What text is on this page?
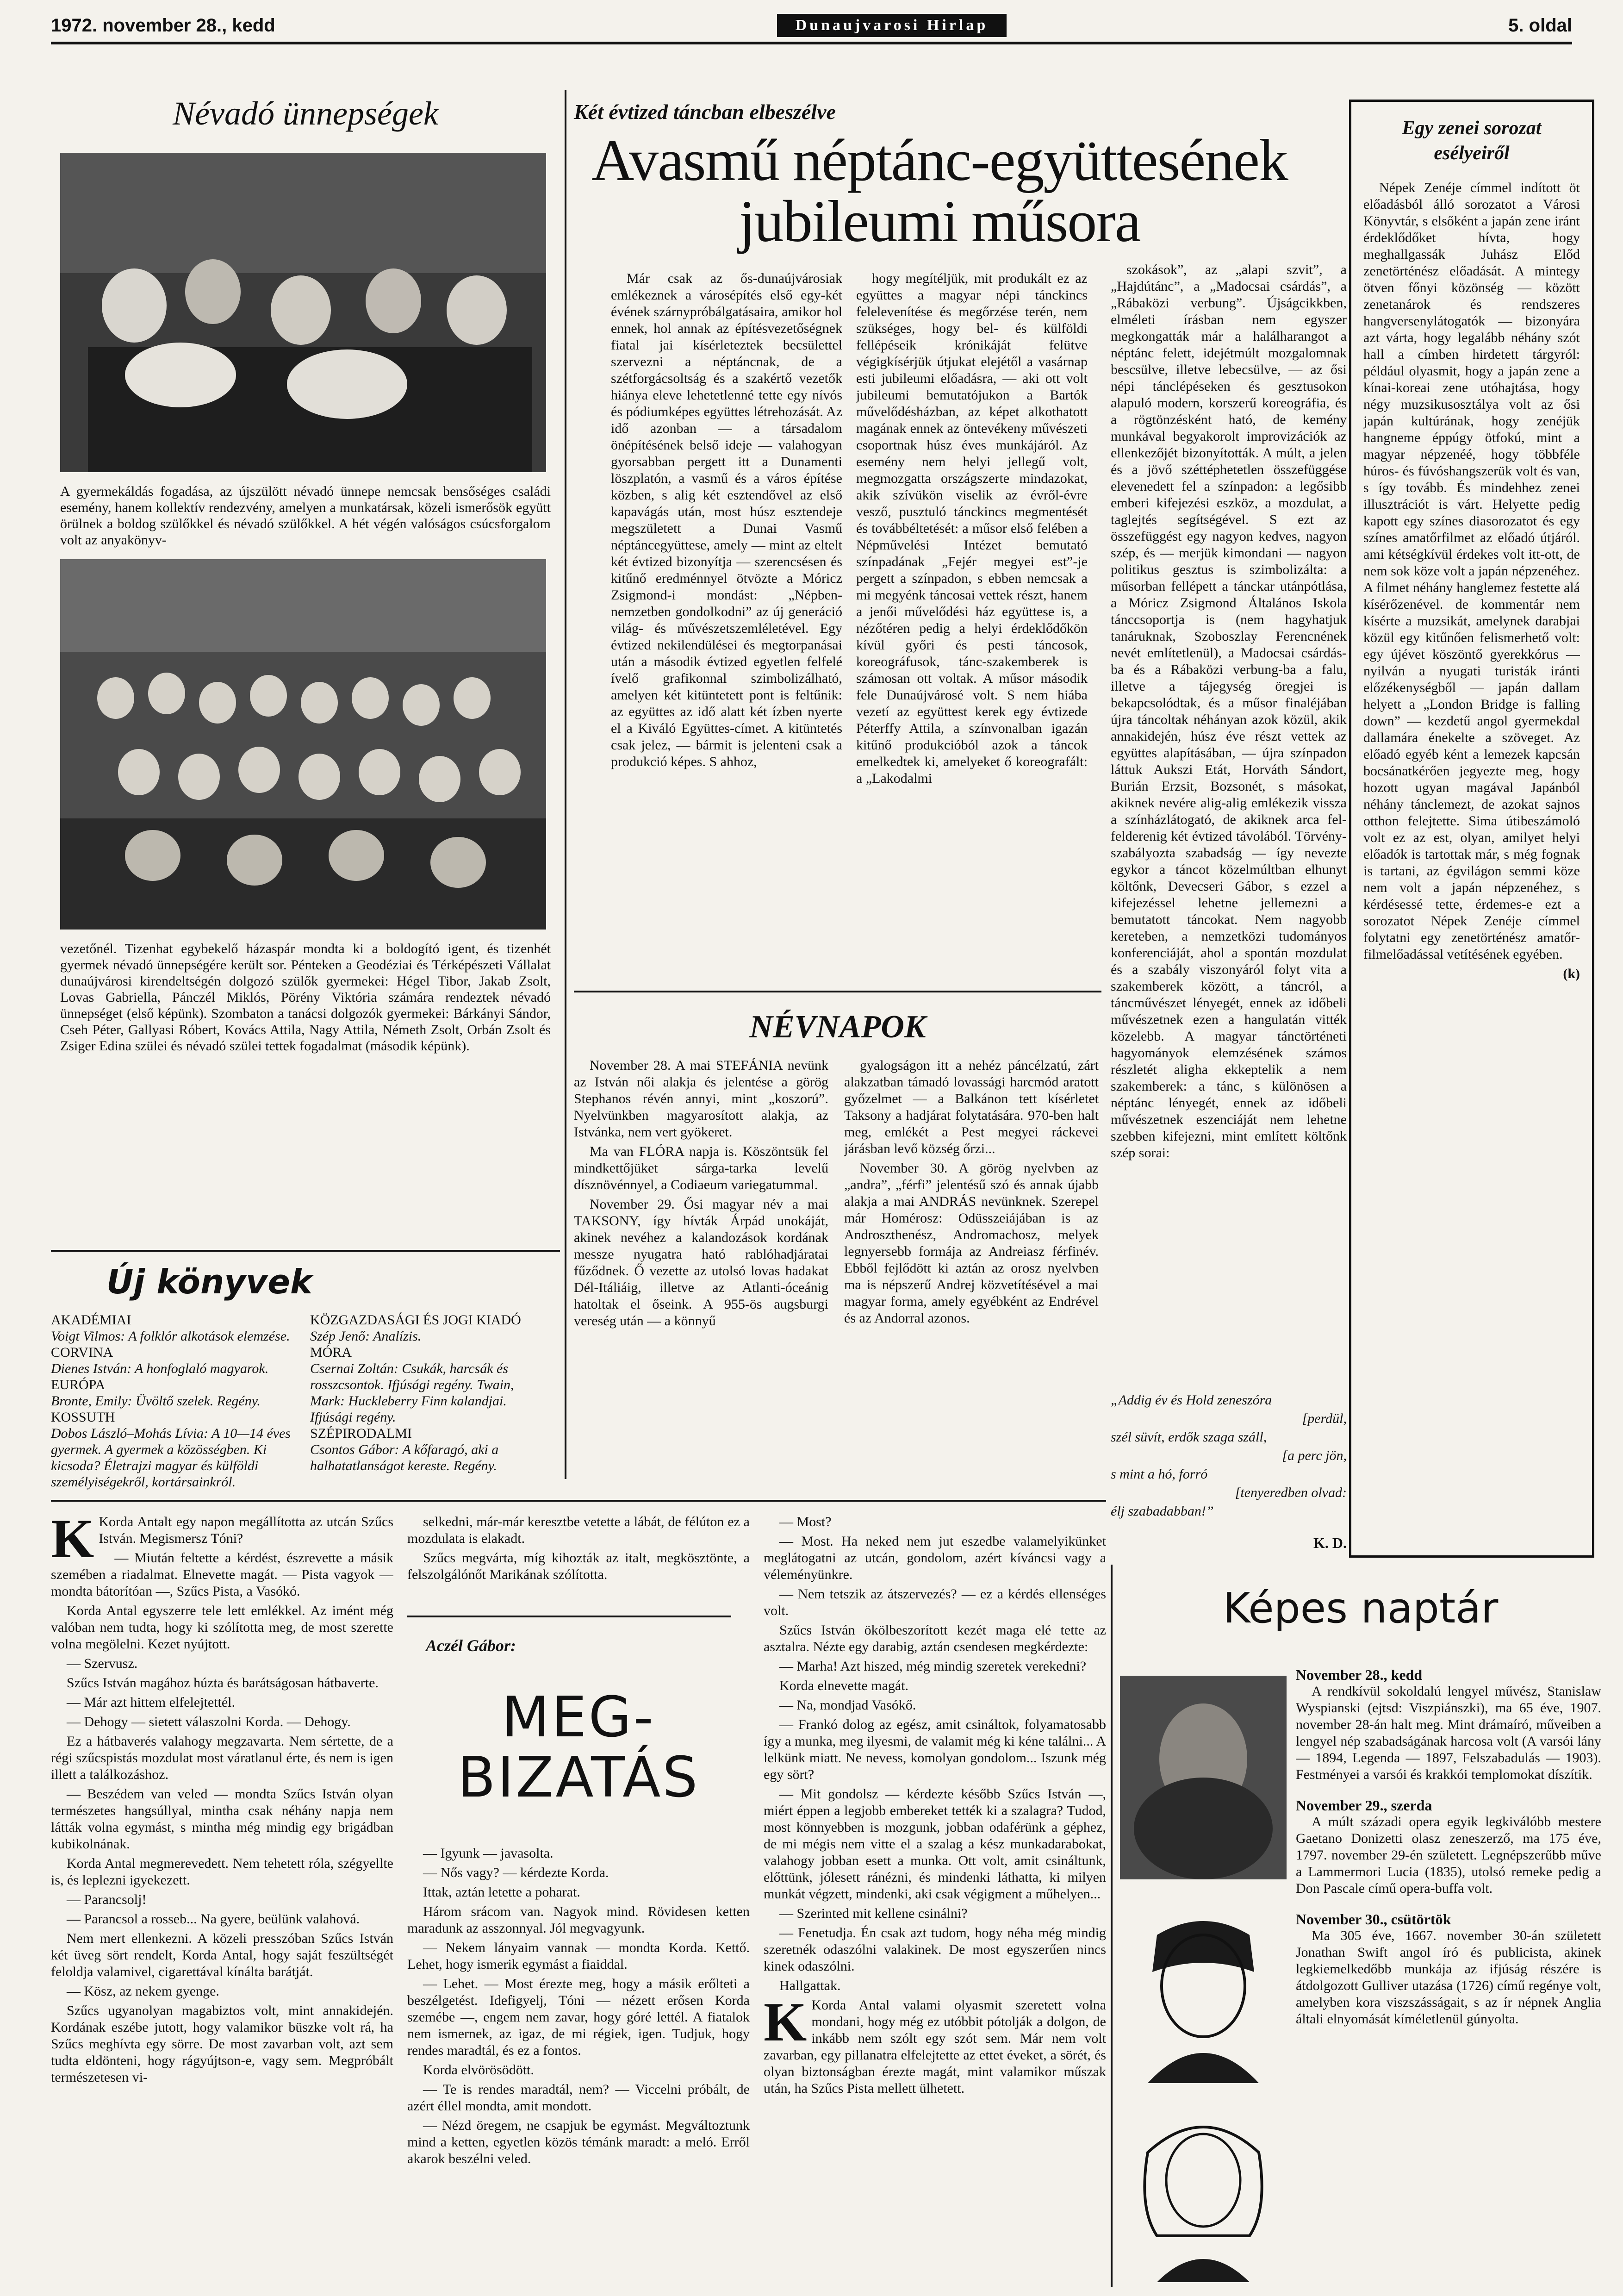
1972. november 28., kedd	Dunaujvarosi Hirlap	5. oldal
Névadó ünnepségek
A gyermekáldás fogadása, az újszülött névadó ünnepe nemcsak bensőséges családi esemény, hanem kollektív rendezvény, amelyen a munkatársak, közeli ismerősök együtt örülnek a boldog szülőkkel és névadó szülőkkel. A hét végén valóságos csúcsforgalom volt az anyakönyv-
vezetőnél. Tizenhat egybekelő házaspár mondta ki a boldogító igent, és tizenhét gyermek névadó ünnepségére került sor. Pénteken a Geodéziai és Térképészeti Vállalat dunaújvárosi kirendeltségén dolgozó szülők gyermekei: Hégel Tibor, Jakab Zsolt, Lovas Gabriella, Pánczél Miklós, Pörény Viktória számára rendeztek névadó ünnepséget (első képünk). Szombaton a tanácsi dolgozók gyermekei: Bárkányi Sándor, Cseh Péter, Gallyasi Róbert, Kovács Attila, Nagy Attila, Németh Zsolt, Orbán Zsolt és Zsiger Edina szülei és névadó szülei tettek fogadalmat (második képünk).
Új könyvek
AKADÉMIAI
Voigt Vilmos: A folklór alkotások elemzése.
CORVINA
Dienes István: A honfoglaló magyarok.
EURÓPA
Bronte, Emily: Üvöltő szelek. Regény.
KOSSUTH
Dobos László–Mohás Lívia: A 10—14 éves gyermek. A gyermek a közösségben. Ki kicsoda? Életrajzi magyar és külföldi személyiségekről, kortársainkról.
KÖZGAZDASÁGI ÉS JOGI KIADÓ
Szép Jenő: Analízis.
MÓRA
Csernai Zoltán: Csukák, harcsák és rosszcsontok. Ifjúsági regény. Twain, Mark: Huckleberry Finn kalandjai. Ifjúsági regény.
SZÉPIRODALMI
Csontos Gábor: A kőfaragó, aki a halhatatlanságot kereste. Regény.
Két évtized táncban elbeszélve
Avasmű néptánc-együttesének jubileumi műsora

Már csak az ős-dunaújvárosiak emlékeznek a városépítés első egy-két évének szárnypróbálgatásaira, amikor hol ennek, hol annak az építésvezetőségnek fiatal jai kísérleteztek becsülettel szervezni a néptáncnak, de a szétforgácsoltság és a szakértő vezetők hiánya eleve lehetetlenné tette egy nívós és pódiumképes együttes létrehozását. Az idő azonban — a társadalom önépítésének belső ideje — valahogyan gyorsabban pergett itt a Dunamenti löszplatón, a vasmű és a város építése közben, s alig két esztendővel az első kapavágás után, most húsz esztendeje megszületett a Dunai Vasmű néptáncegyüttese, amely — mint az eltelt két évtized bizonyítja — szerencsésen és kitűnő eredménnyel ötvözte a Móricz Zsigmond-i mondást: „Népben-nemzetben gondolkodni” az új generáció világ- és művészetszemléletével. Egy évtized nekilendülései és megtorpanásai után a második évtized egyetlen felfelé ívelő grafikonnal szimbolizálható, amelyen két kitüntetett pont is feltűnik: az együttes az idő alatt két ízben nyerte el a Kiváló Együttes-címet. A kitüntetés csak jelez, — bármit is jelenteni csak a produkció képes. S ahhoz,

hogy megítéljük, mit produkált ez az együttes a magyar népi tánckincs felelevenítése és megőrzése terén, nem szükséges, hogy bel- és külföldi fellépéseik krónikáját felütve végigkísérjük útjukat elejétől a vasárnap esti jubileumi előadásra, — aki ott volt jubileumi bemutatójukon a Bartók művelődésházban, az képet alkothatott magának ennek az öntevékeny művészeti csoportnak húsz éves munkájáról. Az esemény nem helyi jellegű volt, megmozgatta országszerte mindazokat, akik szívükön viselik az évről-évre vesző, pusztuló tánckincs megmentését és továbbéltetését: a műsor első felében a Népművelési Intézet bemutató színpadának „Fejér megyei est”-je pergett a színpadon, s ebben nemcsak a mi megyénk táncosai vettek részt, hanem a jenői művelődési ház együttese is, a nézőtéren pedig a helyi érdeklődőkön kívül győri és pesti táncosok, koreográfusok, tánc-szakemberek is számosan ott voltak. A műsor második fele Dunaújvárosé volt. S nem hiába vezetí az együttest kerek egy évtizede Péterffy Attila, a színvonalban igazán kitűnő produkcióból azok a táncok emelkedtek ki, amelyeket ő koreografált: a „Lakodalmi

szokások”, az „alapi szvit”, a „Hajdútánc”, a „Madocsai csárdás”, a „Rábaközi verbung”. Újságcikkben, elméleti írásban nem egyszer megkongatták már a halálharangot a néptánc felett, idejétmúlt mozgalomnak bescsülve, illetve lebecsülve, — az ősi népi tánclépéseken és gesztusokon alapuló modern, korszerű koreográfia, és a rögtönzésként ható, de kemény munkával begyakorolt improvizációk az ellenkezőjét bizonyították. A múlt, a jelen és a jövő széttéphetetlen összefüggése elevenedett fel a színpadon: a legősibb emberi kifejezési eszköz, a mozdulat, a taglejtés segítségével. S ezt az összefüggést egy nagyon kedves, nagyon szép, és — merjük kimondani — nagyon politikus gesztus is szimbolizálta: a műsorban fellépett a tánckar utánpótlása, a Móricz Zsigmond Általános Iskola tánccsoportja is (nem hagyhatjuk tanáruknak, Szoboszlay Ferencnének nevét említetlenül), a Madocsai csárdás-ba és a Rábaközi verbung-ba a falu, illetve a tájegység öregjei is bekapcsolódtak, és a műsor finaléjában újra táncoltak néhányan azok közül, akik annakidején, húsz éve részt vettek az együttes alapításában, — újra színpadon láttuk Aukszi Etát, Horváth Sándort, Burián Erzsit, Bozsonét, s másokat, akiknek nevére alig-alig emlékezik vissza a színházlátogató, de akiknek arca fel-felderenig két évtized távolából. Törvény-szabályozta szabadság — így nevezte egykor a táncot közelmúltban elhunyt költőnk, Devecseri Gábor, s ezzel a kifejezéssel lehetne jellemezni a bemutatott táncokat. Nem nagyobb kereteben, a nemzetközi tudományos konferenciáját, ahol a spontán mozdulat és a szabály viszonyáról folyt vita a szakemberek között, a táncról, a táncművészet lényegét, ennek az időbeli művészetnek ezen a hangulatán vitték közelebb. A magyar tánctörténeti hagyományok elemzésének számos részletét aligha ekkeptelik a nem szakemberek: a tánc, s különösen a néptánc lényegét, ennek az időbeli művészetnek eszenciáját nem lehetne szebben kifejezni, mint említett költőnk szép sorai:

„Addig év és Hold zeneszóra
[perdül,
szél süvít, erdők szaga száll,
[a perc jön,
s mint a hó, forró
[tenyeredben olvad:
élj szabadabban!”
K. D.
Egy zenei sorozat esélyeiről

Népek Zenéje címmel indított öt előadásból álló sorozatot a Városi Könyvtár, s elsőként a japán zene iránt érdeklődőket hívta, hogy meghallgassák Juhász Előd zenetörténész előadását. A mintegy ötven főnyi közönség — között zenetanárok és rendszeres hangversenylátogatók — bizonyára azt várta, hogy legalább néhány szót hall a címben hirdetett tárgyról: például olyasmit, hogy a japán zene a kínai-koreai zene utóhajtása, hogy négy muzsikusosztálya volt az ősi japán kultúrának, hogy zenéjük hangneme éppúgy ötfokú, mint a magyar népzenéé, hogy többféle húros- és fúvóshangszerük volt és van, s így tovább. És mindehhez zenei illusztrációt is várt. Helyette pedig kapott egy színes diasorozatot és egy színes amatőrfilmet az előadó útjáról. ami kétségkívül érdekes volt itt-ott, de nem sok köze volt a japán népzenéhez. A filmet néhány hanglemez festette alá kísérőzenével. de kommentár nem kísérte a muzsikát, amelynek darabjai közül egy kitűnően felismerhető volt: egy újévet köszöntő gyerekkórus — nyilván a nyugati turisták iránti előzékenységből — japán dallam helyett a „London Bridge is falling down” — kezdetű angol gyermekdal dallamára énekelte a szöveget. Az előadó egyéb ként a lemezek kapcsán bocsánatkérően jegyezte meg, hogy hozott ugyan magával Japánból néhány tánclemezt, de azokat sajnos otthon felejtette. Sima útibeszámoló volt ez az est, olyan, amilyet helyi előadók is tartottak már, s még fognak is tartani, az égvilágon semmi köze nem volt a japán népzenéhez, s kérdésessé tette, érdemes-e ezt a sorozatot Népek Zenéje címmel folytatni egy zenetörténész amatőr-filmelőadással vetítésének egyében.

(k)
NÉVNAPOK

November 28. A mai STEFÁNIA nevünk az István női alakja és jelentése a görög Stephanos révén annyi, mint „koszorú”. Nyelvünkben magyarosított alakja, az Istvánka, nem vert gyökeret.

Ma van FLÓRA napja is. Köszöntsük fel mindkettőjüket sárga-tarka levelű dísznövénnyel, a Codiaeum variegatummal.

November 29. Ősi magyar név a mai TAKSONY, így hívták Árpád unokáját, akinek nevéhez a kalandozások kordának messze nyugatra ható rablóhadjáratai fűződnek. Ő vezette az utolsó lovas hadakat Dél-Itáliáig, illetve az Atlanti-óceánig hatoltak el őseink. A 955-ös augsburgi vereség után — a könnyű

gyalogságon itt a nehéz páncélzatú, zárt alakzatban támadó lovassági harcmód aratott győzelmet — a Balkánon tett kísérletet Taksony a hadjárat folytatására. 970-ben halt meg, emlékét a Pest megyei ráckevei járásban levő község őrzi...

November 30. A görög nyelvben az „andra”, „férfi” jelentésű szó és annak újabb alakja a mai ANDRÁS nevünknek. Szerepel már Homérosz: Odüsszeiájában is az Androszthenész, Andromachosz, melyek legnyersebb formája az Andreiasz férfinév. Ebből fejlődött ki aztán az orosz nyelvben ma is népszerű Andrej közvetítésével a mai magyar forma, amely egyébként az Endrével és az Andorral azonos.

K Korda Antalt egy napon megállította az utcán Szűcs István. Megismersz Tóni?

— Miután feltette a kérdést, észrevette a másik szemében a riadalmat. Elnevette magát. — Pista vagyok — mondta bátorítóan —, Szűcs Pista, a Vasókó.

Korda Antal egyszerre tele lett emlékkel. Az imént még valóban nem tudta, hogy ki szólította meg, de most szerette volna megölelni. Kezet nyújtott.

— Szervusz.

Szűcs István magához húzta és barátságosan hátbaverte.

— Már azt hittem elfelejtettél.

— Dehogy — sietett válaszolni Korda. — Dehogy.

Ez a hátbaverés valahogy megzavarta. Nem sértette, de a régi szűcspistás mozdulat most váratlanul érte, és nem is igen illett a találkozáshoz.

— Beszédem van veled — mondta Szűcs István olyan természetes hangsúllyal, mintha csak néhány napja nem látták volna egymást, s mintha még mindig egy brigádban kubikolnának.

Korda Antal megmerevedett. Nem tehetett róla, szégyellte is, és leplezni igyekezett.

— Parancsolj!

— Parancsol a rosseb... Na gyere, beülünk valahová.

Nem mert ellenkezni. A közeli presszóban Szűcs István két üveg sört rendelt, Korda Antal, hogy saját feszültségét feloldja valamivel, cigarettával kínálta barátját.

— Kösz, az nekem gyenge.

Szűcs ugyanolyan magabiztos volt, mint annakidején. Kordának eszébe jutott, hogy valamikor büszke volt rá, ha Szűcs meghívta egy sörre. De most zavarban volt, azt sem tudta eldönteni, hogy rágyújtson-e, vagy sem. Megpróbált természetesen vi-

selkedni, már-már keresztbe vetette a lábát, de félúton ez a mozdulata is elakadt.

Szűcs megvárta, míg kihozták az italt, megkösztönte, a felszolgálónőt Marikának szólította.

Aczél Gábor:
MEG-
BIZATÁS

— Igyunk — javasolta.

— Nős vagy? — kérdezte Korda.

Ittak, aztán letette a poharat.

Három srácom van. Nagyok mind. Rövidesen ketten maradunk az asszonnyal. Jól megvagyunk.

— Nekem lányaim vannak — mondta Korda. Kettő. Lehet, hogy ismerik egymást a fiaiddal.

— Lehet. — Most érezte meg, hogy a másik erőlteti a beszélgetést. Idefigyelj, Tóni — nézett erősen Korda szemébe —, engem nem zavar, hogy góré lettél. A fiatalok nem ismernek, az igaz, de mi régiek, igen. Tudjuk, hogy rendes maradtál, és ez a fontos.

Korda elvörösödött.

— Te is rendes maradtál, nem? — Viccelni próbált, de azért éllel mondta, amit mondott.

— Nézd öregem, ne csapjuk be egymást. Megváltoztunk mind a ketten, egyetlen közös témánk maradt: a meló. Erről akarok beszélni veled.

— Most?

— Most. Ha neked nem jut eszedbe valamelyikünket meglátogatni az utcán, gondolom, azért kíváncsi vagy a véleményünkre.

— Nem tetszik az átszervezés? — ez a kérdés ellenséges volt.

Szűcs István ökölbeszorított kezét maga elé tette az asztalra. Nézte egy darabig, aztán csendesen megkérdezte:

— Marha! Azt hiszed, még mindig szeretek verekedni?

Korda elnevette magát.

— Na, mondjad Vasókő.

— Frankó dolog az egész, amit csináltok, folyamatosabb így a munka, meg ilyesmi, de valamit még ki kéne találni... A lelkünk miatt. Ne nevess, komolyan gondolom... Iszunk még egy sört?

— Mit gondolsz — kérdezte később Szűcs István —, miért éppen a legjobb embereket tették ki a szalagra? Tudod, most könnyebben is mozgunk, jobban odaférünk a géphez, de mi mégis nem vitte el a szalag a kész munkadarabokat, valahogy jobban esett a munka. Ott volt, amit csináltunk, előttünk, jólesett ránézni, és mindenki láthatta, ki milyen munkát végzett, mindenki, aki csak végigment a műhelyen...

— Szerinted mit kellene csinálni?

— Fenetudja. Én csak azt tudom, hogy néha még mindig szeretnék odaszólni valakinek. De most egyszerűen nincs kinek odaszólni.

Hallgattak.

K Korda Antal valami olyasmit szeretett volna mondani, hogy még ez utóbbit pótolják a dolgon, de inkább nem szólt egy szót sem. Már nem volt zavarban, egy pillanatra elfelejtette az ettet éveket, a sörét, és olyan biztonságban érezte magát, mint valamikor műszak után, ha Szűcs Pista mellett ülhetett.

Képes naptár
November 28., kedd

A rendkívül sokoldalú lengyel művész, Stanislaw Wyspianski (ejtsd: Viszpiánszki), ma 65 éve, 1907. november 28-án halt meg. Mint drámaíró, műveiben a lengyel nép szabadságának harcosa volt (A varsói lány — 1894, Legenda — 1897, Felszabadulás — 1903). Festményei a varsói és krakkói templomokat díszítik.

November 29., szerda

A múlt századi opera egyik legkiválóbb mestere Gaetano Donizetti olasz zeneszerző, ma 175 éve, 1797. november 29-én született. Legnépszerűbb műve a Lammermori Lucia (1835), utolsó remeke pedig a Don Pascale című opera-buffa volt.

November 30., csütörtök

Ma 305 éve, 1667. november 30-án született Jonathan Swift angol író és publicista, akinek legkiemelkedőbb munkája az ifjúság részére is átdolgozott Gulliver utazása (1726) című regénye volt, amelyben kora viszszásságait, s az ír népnek Anglia általi elnyomását kíméletlenül gúnyolta.
